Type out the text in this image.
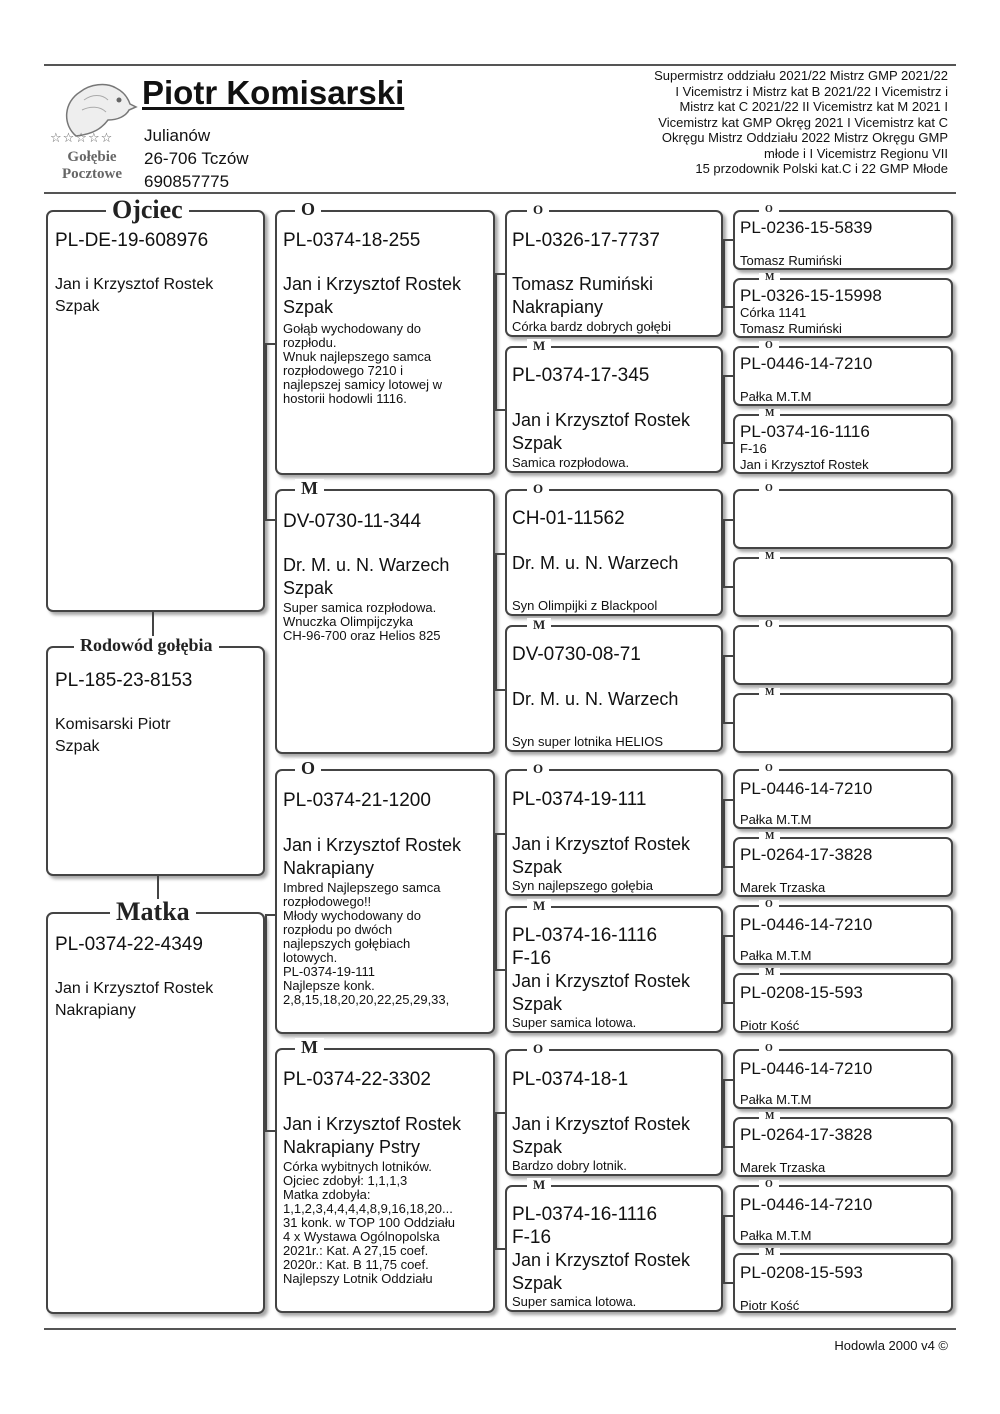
☆☆☆☆☆
Gołębie
Pocztowe
Piotr Komisarski
Julianów
26-706 Tczów
690857775
Supermistrz oddziału 2021/22 Mistrz GMP 2021/22
I Vicemistrz i Mistrz kat B 2021/22 I Vicemistrz i
Mistrz kat C 2021/22 II Vicemistrz kat M 2021 I
Vicemistrz kat GMP Okręg 2021 I Vicemistrz kat C
Okręgu Mistrz Oddziału 2022 Mistrz Okręgu GMP
młode i I Vicemistrz Regionu VII
15 przodownik Polski kat.C i 22 GMP Młode
Ojciec
PL-DE-19-608976
Jan i Krzysztof Rostek
Szpak
Rodowód gołębia
PL-185-23-8153
Komisarski Piotr
Szpak
Matka
PL-0374-22-4349
Jan i Krzysztof Rostek
Nakrapiany
O
PL-0374-18-255
Jan i Krzysztof Rostek
Szpak
Gołąb wychodowany do
rozpłodu.
Wnuk najlepszego samca
rozpłodowego 7210 i
najlepszej samicy lotowej w
hostorii hodowli 1116.
M
DV-0730-11-344
Dr. M. u. N. Warzech
Szpak
Super samica rozpłodowa.
Wnuczka Olimpijczyka
CH-96-700 oraz Helios 825
O
PL-0374-21-1200
Jan i Krzysztof Rostek
Nakrapiany
Imbred Najlepszego samca
rozpłodowego!!
Młody wychodowany do
rozpłodu po dwóch
najlepszych gołębiach
lotowych.
PL-0374-19-111
Najlepsze konk.
2,8,15,18,20,20,22,25,29,33,
M
PL-0374-22-3302
Jan i Krzysztof Rostek
Nakrapiany Pstry
Córka wybitnych lotników.
Ojciec zdobył: 1,1,1,3
Matka zdobyła:
1,1,2,3,4,4,4,4,8,9,16,18,20...
31 konk. w TOP 100 Oddziału
4 x Wystawa Ogólnopolska
2021r.: Kat. A 27,15 coef.
2020r.: Kat. B 11,75 coef.
Najlepszy Lotnik Oddziału
O
PL-0326-17-7737
Tomasz Rumiński
Nakrapiany
Córka bardz dobrych gołębi
M
PL-0374-17-345
Jan i Krzysztof Rostek
Szpak
Samica rozpłodowa.
O
CH-01-11562
Dr. M. u. N. Warzech
Syn Olimpijki z Blackpool
M
DV-0730-08-71
Dr. M. u. N. Warzech
Syn super lotnika HELIOS
O
PL-0374-19-111
Jan i Krzysztof Rostek
Szpak
Syn najlepszego gołębia
M
PL-0374-16-1116
F-16
Jan i Krzysztof Rostek
Szpak
Super samica lotowa.
O
PL-0374-18-1
Jan i Krzysztof Rostek
Szpak
Bardzo dobry lotnik.
M
PL-0374-16-1116
F-16
Jan i Krzysztof Rostek
Szpak
Super samica lotowa.
O
PL-0236-15-5839
Tomasz Rumiński
M
PL-0326-15-15998
Córka 1141
Tomasz Rumiński
O
PL-0446-14-7210
Pałka M.T.M
M
PL-0374-16-1116
F-16
Jan i Krzysztof Rostek
O
M
O
M
O
PL-0446-14-7210
Pałka M.T.M
M
PL-0264-17-3828
Marek Trzaska
O
PL-0446-14-7210
Pałka M.T.M
M
PL-0208-15-593
Piotr Kość
O
PL-0446-14-7210
Pałka M.T.M
M
PL-0264-17-3828
Marek Trzaska
O
PL-0446-14-7210
Pałka M.T.M
M
PL-0208-15-593
Piotr Kość
Hodowla 2000 v4 ©
